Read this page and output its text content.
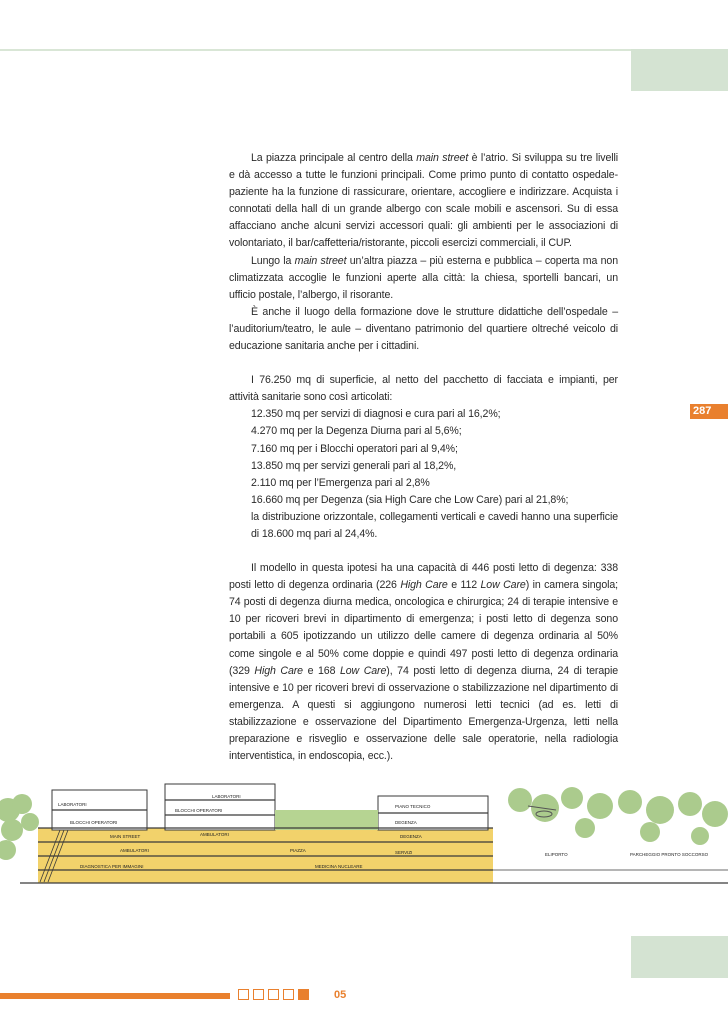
287

La piazza principale al centro della main street è l’atrio. Si sviluppa su tre livelli e dà accesso a tutte le funzioni principali. Come primo punto di contatto ospedale-paziente ha la funzione di rassicurare, orientare, accogliere e indirizzare. Acquista i connotati della hall di un grande albergo con scale mobili e ascensori. Su di essa affacciano anche alcuni servizi accessori quali: gli ambienti per le associazioni di volontariato, il bar/caffetteria/ristorante, piccoli esercizi commerciali, il CUP.

Lungo la main street un’altra piazza – più esterna e pubblica – coperta ma non climatizzata accoglie le funzioni aperte alla città: la chiesa, sportelli bancari, un ufficio postale, l’albergo, il risorante.

È anche il luogo della formazione dove le strutture didattiche dell’ospedale – l’auditorium/teatro, le aule – diventano patrimonio del quartiere oltreché veicolo di educazione sanitaria anche per i cittadini.

I 76.250 mq di superficie, al netto del pacchetto di facciata e impianti, per attività sanitarie sono così articolati:

12.350 mq per servizi di diagnosi e cura pari al 16,2%;

4.270 mq per la Degenza Diurna pari al 5,6%;

7.160 mq per i Blocchi operatori pari al 9,4%;

13.850 mq per servizi generali pari al 18,2%,

2.110 mq per l’Emergenza pari al 2,8%

16.660 mq per Degenza (sia High Care che Low Care) pari al 21,8%;

la distribuzione orizzontale, collegamenti verticali e cavedi hanno una superficie di 18.600 mq pari al 24,4%.

Il modello in questa ipotesi ha una capacità di 446 posti letto di degenza: 338 posti letto di degenza ordinaria (226 High Care e 112 Low Care) in camera singola; 74 posti di degenza diurna medica, oncologica e chirurgica; 24 di terapie intensive e 10 per ricoveri brevi in dipartimento di emergenza; i posti letto di degenza sono portabili a 605 ipotizzando un utilizzo delle camere di degenza ordinaria al 50% come singole e al 50% come doppie e quindi 497 posti letto di degenza ordinaria (329 High Care e 168 Low Care), 74 posti letto di degenza diurna, 24 di terapie intensive e 10 per ricoveri brevi di osservazione o stabilizzazione nel dipartimento di emergenza. A questi si aggiungono numerosi letti tecnici (ad es. letti di stabilizzazione e osservazione del Dipartimento Emergenza-Urgenza, letti nella preparazione e risveglio e osservazione delle sale operatorie, nella radiologia interventistica, in endoscopia, ecc.).

LABORATORI
LABORATORI
BLOCCHI OPERATORI
BLOCCHI OPERATORI
PIANO TECNICO
DEGENZA
DEGENZA
MAIN STREET	AMBULATORI
AMBULATORI	PIAZZA	SERVIZI
DIAGNOSTICA PER IMMAGINI	MEDICINA NUCLEARE
ELIPORTO	PARCHEGGIO PRONTO SOCCORSO
05
